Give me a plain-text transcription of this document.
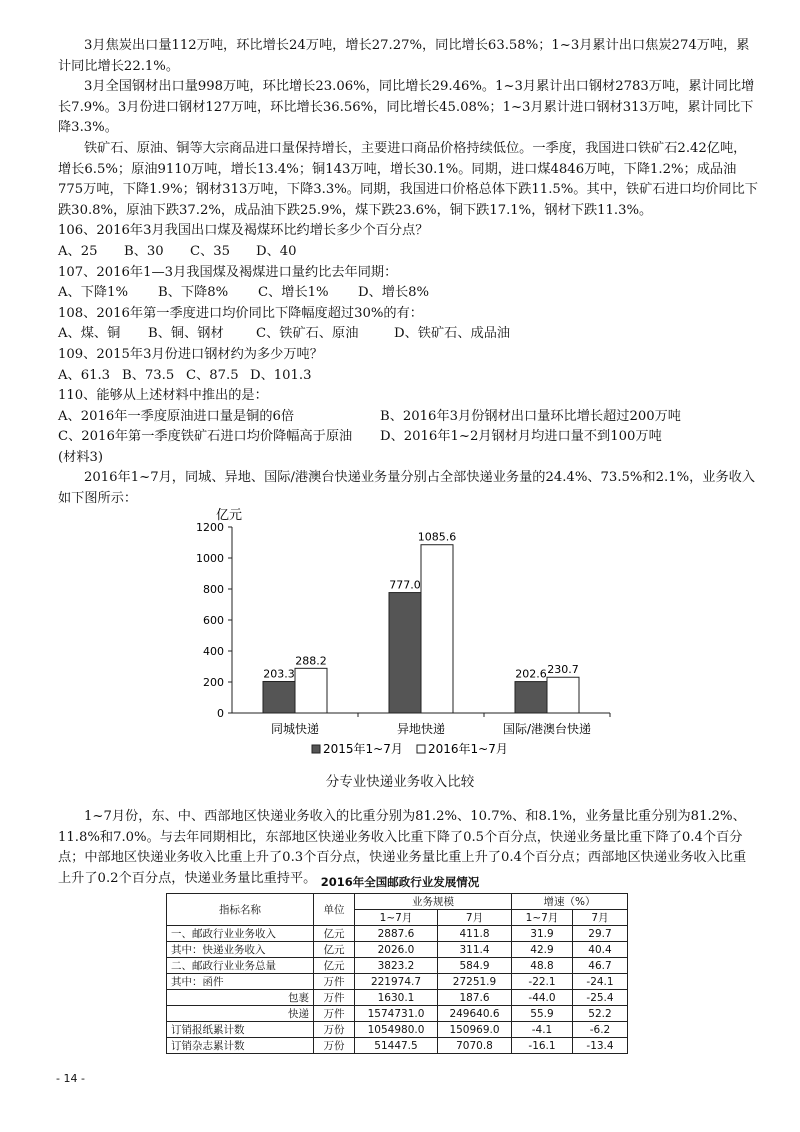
3月焦炭出口量112万吨，环比增长24万吨，增长27.27%，同比增长63.58%；1~3月累计出口焦炭274万吨，累计同比增长22.1%。

3月全国钢材出口量998万吨，环比增长23.06%，同比增长29.46%。1~3月累计出口钢材2783万吨，累计同比增长7.9%。3月份进口钢材127万吨，环比增长36.56%，同比增长45.08%；1~3月累计进口钢材313万吨，累计同比下降3.3%。

铁矿石、原油、铜等大宗商品进口量保持增长，主要进口商品价格持续低位。一季度，我国进口铁矿石2.42亿吨，增长6.5%；原油9110万吨，增长13.4%；铜143万吨，增长30.1%。同期，进口煤4846万吨，下降1.2%；成品油775万吨，下降1.9%；钢材313万吨，下降3.3%。同期，我国进口价格总体下跌11.5%。其中，铁矿石进口均价同比下跌30.8%，原油下跌37.2%，成品油下跌25.9%，煤下跌23.6%，铜下跌17.1%，钢材下跌11.3%。

106、2016年3月我国出口煤及褐煤环比约增长多少个百分点？

A、25	B、30	C、35	D、40

107、2016年1—3月我国煤及褐煤进口量约比去年同期：

A、下降1%	B、下降8%	C、增长1%	D、增长8%

108、2016年第一季度进口均价同比下降幅度超过30%的有：

A、煤、铜	B、铜、钢材	C、铁矿石、原油	D、铁矿石、成品油

109、2015年3月份进口钢材约为多少万吨？

A、61.3 B、73.5 C、87.5 D、101.3

110、能够从上述材料中推出的是：

A、2016年一季度原油进口量是铜的6倍	B、2016年3月份钢材出口量环比增长超过200万吨
C、2016年第一季度铁矿石进口均价降幅高于原油	D、2016年1~2月钢材月均进口量不到100万吨

(材料3)

2016年1~7月，同城、异地、国际/港澳台快递业务量分别占全部快递业务量的24.4%、73.5%和2.1%，业务收入如下图所示：

亿元
0
200
400
600
800
1000
1200
203.3
288.2
777.0
1085.6
202.6 230.7
同城快递	异地快递	国际/港澳台快递
2015年1~7月 2016年1~7月
分专业快递业务收入比较

1~7月份，东、中、西部地区快递业务收入的比重分别为81.2%、10.7%、和8.1%，业务量比重分别为81.2%、11.8%和7.0%。与去年同期相比，东部地区快递业务收入比重下降了0.5个百分点，快递业务量比重下降了0.4个百分点；中部地区快递业务收入比重上升了0.3个百分点，快递业务量比重上升了0.4个百分点；西部地区快递业务收入比重上升了0.2个百分点，快递业务量比重持平。 2016年全国邮政行业发展情况
指标名称	单位	业务规模		增速（%）	
		1~7月	7月	1~7月	7月
一、邮政行业业务收入	亿元	2887.6	411.8	31.9	29.7
其中：快递业务收入	亿元	2026.0	311.4	42.9	40.4
二、邮政行业业务总量	亿元	3823.2	584.9	48.8	46.7
其中：函件	万件	221974.7	27251.9	-22.1	-24.1
包裹	万件	1630.1	187.6	-44.0	-25.4
快递	万件	1574731.0	249640.6	55.9	52.2
订销报纸累计数	万份	1054980.0	150969.0	-4.1	-6.2
订销杂志累计数	万份	51447.5	7070.8	-16.1	-13.4
- 14 -
